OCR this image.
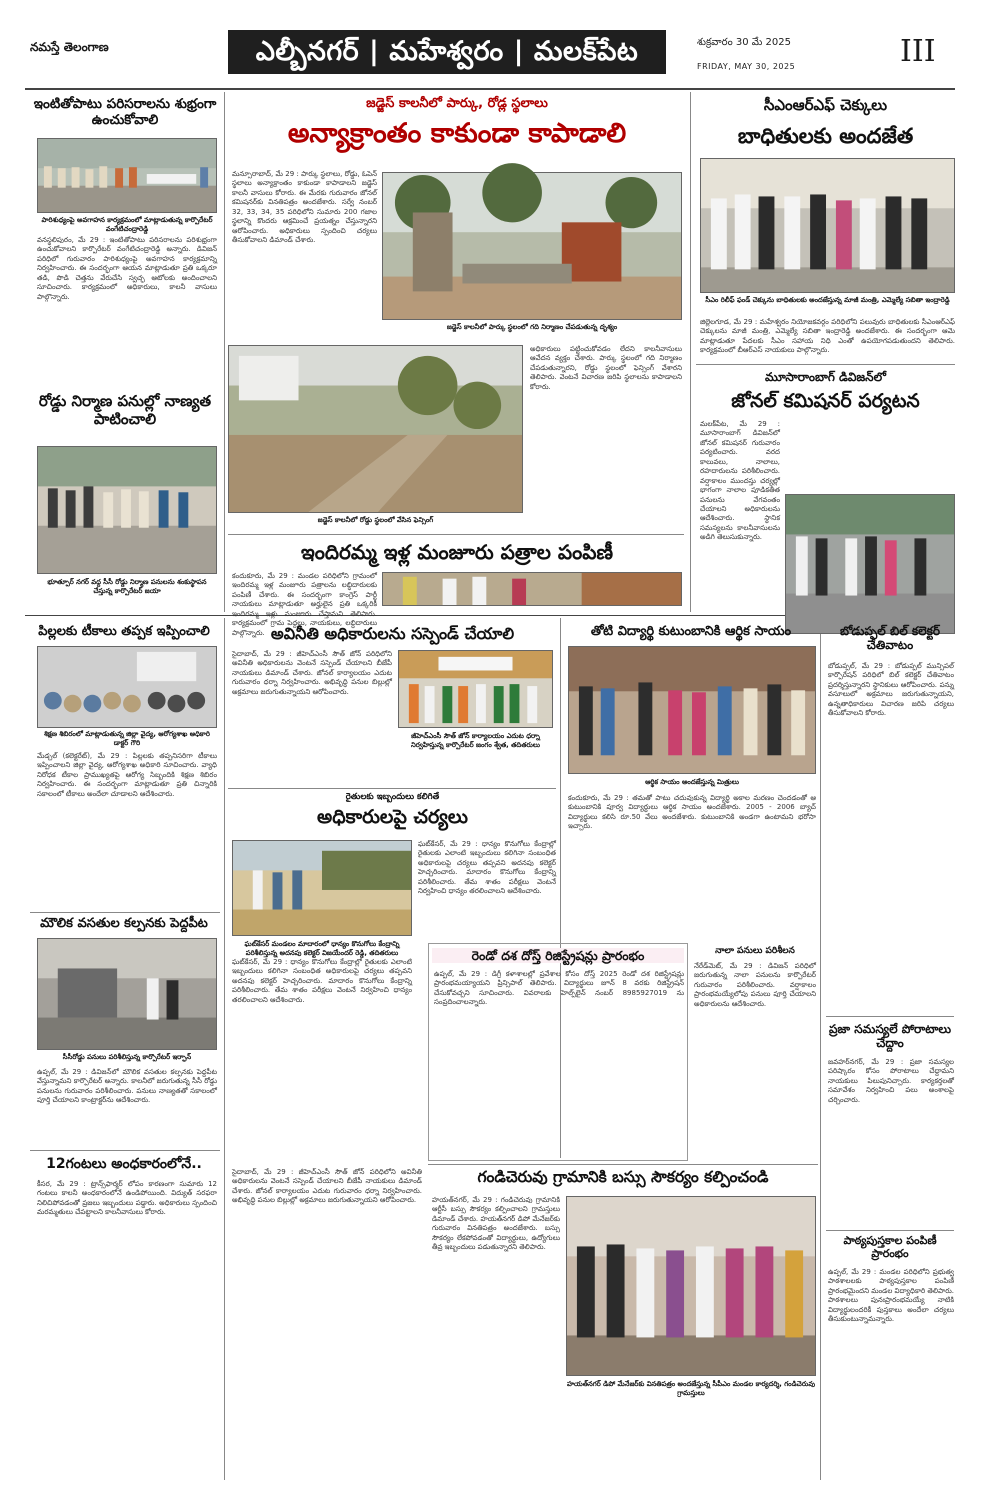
నమస్తే తెలంగాణ	ఎల్బీనగర్ | మహేశ్వరం | మలక్‌పేట	శుక్రవారం 30 మే 2025
FRIDAY, MAY 30, 2025	III
ఇంటితోపాటు పరిసరాలను శుభ్రంగా ఉంచుకోవాలి
పారిశుధ్యంపై అవగాహన కార్యక్రమంలో మాట్లాడుతున్న కార్పొరేటర్ వంగేటిచంద్రారెడ్డి
వనస్థలిపురం, మే 29 : ఇంటితోపాటు పరిసరాలను పరిశుభ్రంగా ఉంచుకోవాలని కార్పొరేటర్ వంగేటిచంద్రారెడ్డి అన్నారు. డివిజన్ పరిధిలో గురువారం పారిశుధ్యంపై అవగాహన కార్యక్రమాన్ని నిర్వహించారు. ఈ సందర్భంగా ఆయన మాట్లాడుతూ ప్రతి ఒక్కరూ తడి, పొడి చెత్తను వేరుచేసి స్వచ్ఛ ఆటోలకు అందించాలని సూచించారు. కార్యక్రమంలో అధికారులు, కాలనీ వాసులు పాల్గొన్నారు.
రోడ్డు నిర్మాణ పనుల్లో నాణ్యత పాటించాలి
భూత్పూర్ నగర్ వద్ద సీసీ రోడ్డు నిర్మాణ పనులను శంకుస్థాపన చేస్తున్న కార్పొరేటర్ జయా
జడ్జెస్ కాలనీలో పార్కు, రోడ్ల స్థలాలు
అన్యాక్రాంతం కాకుండా కాపాడాలి
మన్సూరాబాద్, మే 29 : పార్కు స్థలాలు, రోడ్డు, ఓపెన్ స్థలాలు అన్యాక్రాంతం కాకుండా కాపాడాలని జడ్జెస్ కాలనీ వాసులు కోరారు. ఈ మేరకు గురువారం జోనల్ కమిషనర్‌కు వినతిపత్రం అందజేశారు. సర్వే నంబర్ 32, 33, 34, 35 పరిధిలోని సుమారు 200 గజాల స్థలాన్ని కొందరు ఆక్రమించే ప్రయత్నం చేస్తున్నారని ఆరోపించారు. అధికారులు స్పందించి చర్యలు తీసుకోవాలని డిమాండ్ చేశారు.
జడ్జెస్ కాలనీలో పార్కు స్థలంలో గది నిర్మాణం చేపడుతున్న దృశ్యం
జడ్జెస్ కాలనీలో రోడ్డు స్థలంలో వేసిన ఫెన్సింగ్
అధికారులు పట్టించుకోవడం లేదని కాలనీవాసులు ఆవేదన వ్యక్తం చేశారు. పార్కు స్థలంలో గది నిర్మాణం చేపడుతున్నారని, రోడ్డు స్థలంలో ఫెన్సింగ్ వేశారని తెలిపారు. వెంటనే విచారణ జరిపి స్థలాలను కాపాడాలని కోరారు.
ఇందిరమ్మ ఇళ్ల మంజూరు పత్రాల పంపిణీ
కందుకూరు, మే 29 : మండల పరిధిలోని గ్రామంలో ఇందిరమ్మ ఇళ్ల మంజూరు పత్రాలను లబ్ధిదారులకు పంపిణీ చేశారు. ఈ సందర్భంగా కాంగ్రెస్ పార్టీ నాయకులు మాట్లాడుతూ అర్హులైన ప్రతి ఒక్కరికీ ఇందిరమ్మ ఇళ్లు మంజూరు చేస్తామని తెలిపారు. కార్యక్రమంలో గ్రామ పెద్దలు, నాయకులు, లబ్ధిదారులు పాల్గొన్నారు.
సీఎంఆర్ఎఫ్ చెక్కులు
బాధితులకు అందజేత
సీఎం రిలీఫ్ ఫండ్ చెక్కును బాధితులకు అందజేస్తున్న మాజీ మంత్రి, ఎమ్మెల్యే సబితా ఇంద్రారెడ్డి
జిల్లెలగూడ, మే 29 : మహేశ్వరం నియోజకవర్గం పరిధిలోని పలువురు బాధితులకు సీఎంఆర్ఎఫ్ చెక్కులను మాజీ మంత్రి, ఎమ్మెల్యే సబితా ఇంద్రారెడ్డి అందజేశారు. ఈ సందర్భంగా ఆమె మాట్లాడుతూ పేదలకు సీఎం సహాయ నిధి ఎంతో ఉపయోగపడుతుందని తెలిపారు. కార్యక్రమంలో బీఆర్ఎస్ నాయకులు పాల్గొన్నారు.
మూసారాంబాగ్ డివిజన్‌లో
జోనల్ కమిషనర్ పర్యటన
మలక్‌పేట, మే 29 : మూసారాంబాగ్ డివిజన్‌లో జోనల్ కమిషనర్ గురువారం పర్యటించారు. వరద కాలువలు, నాలాలు, రహదారులను పరిశీలించారు. వర్షాకాలం ముందస్తు చర్యల్లో భాగంగా నాలాల పూడికతీత పనులను వేగవంతం చేయాలని అధికారులను ఆదేశించారు. స్థానిక సమస్యలను కాలనీవాసులను అడిగి తెలుసుకున్నారు.
పిల్లలకు టీకాలు తప్పక ఇప్పించాలి
శిక్షణ శిబిరంలో మాట్లాడుతున్న జిల్లా వైద్య, ఆరోగ్యశాఖ అధికారి డాక్టర్ గౌరి
మేడ్చల్ (కలెక్టరేట్), మే 29 : పిల్లలకు తప్పనిసరిగా టీకాలు ఇప్పించాలని జిల్లా వైద్య, ఆరోగ్యశాఖ అధికారి సూచించారు. వ్యాధి నిరోధక టీకాల ప్రాముఖ్యతపై ఆరోగ్య సిబ్బందికి శిక్షణ శిబిరం నిర్వహించారు. ఈ సందర్భంగా మాట్లాడుతూ ప్రతి చిన్నారికి సకాలంలో టీకాలు అందేలా చూడాలని ఆదేశించారు.
మౌలిక వసతుల కల్పనకు పెద్దపీట
సీసీరోడ్డు పనులు పరిశీలిస్తున్న కార్పొరేటర్ ఇర్ఫాన్
ఉప్పల్, మే 29 : డివిజన్‌లో మౌలిక వసతుల కల్పనకు పెద్దపీట వేస్తున్నామని కార్పొరేటర్ అన్నారు. కాలనీలో జరుగుతున్న సీసీ రోడ్డు పనులను గురువారం పరిశీలించారు. పనులు నాణ్యతతో సకాలంలో పూర్తి చేయాలని కాంట్రాక్టర్‌ను ఆదేశించారు.
12గంటలు అంధకారంలోనే..
కీసర, మే 29 : ట్రాన్స్‌ఫార్మర్ లోపం కారణంగా సుమారు 12 గంటలు కాలనీ అంధకారంలోనే ఉండిపోయింది. విద్యుత్ సరఫరా నిలిచిపోవడంతో ప్రజలు ఇబ్బందులు పడ్డారు. అధికారులు స్పందించి మరమ్మతులు చేపట్టాలని కాలనీవాసులు కోరారు.
అవినీతి అధికారులను సస్పెండ్ చేయాలి
సైదాబాద్, మే 29 : జీహెచ్ఎంసీ సౌత్ జోన్ పరిధిలోని అవినీతి అధికారులను వెంటనే సస్పెండ్ చేయాలని బీజేపీ నాయకులు డిమాండ్ చేశారు. జోనల్ కార్యాలయం ఎదుట గురువారం ధర్నా నిర్వహించారు. అభివృద్ధి పనుల బిల్లుల్లో అక్రమాలు జరుగుతున్నాయని ఆరోపించారు.
జీహెచ్ఎంసీ సౌత్ జోన్ కార్యాలయం ఎదుట ధర్నా నిర్వహిస్తున్న కార్పొరేటర్ జంగం శ్వేత, తదితరులు
రైతులకు ఇబ్బందులు కలిగితే
అధికారులపై చర్యలు
ఘట్‌కేసర్ మండలం మాదారంలో ధాన్యం కొనుగోలు కేంద్రాన్ని పరిశీలిస్తున్న అదనపు కలెక్టర్ విజయేందర్ రెడ్డి, తదితరులు
ఘట్‌కేసర్, మే 29 : ధాన్యం కొనుగోలు కేంద్రాల్లో రైతులకు ఎలాంటి ఇబ్బందులు కలిగినా సంబంధిత అధికారులపై చర్యలు తప్పవని అదనపు కలెక్టర్ హెచ్చరించారు. మాదారం కొనుగోలు కేంద్రాన్ని పరిశీలించారు. తేమ శాతం పరీక్షలు వెంటనే నిర్వహించి ధాన్యం తరలించాలని ఆదేశించారు.
తోటి విద్యార్థి కుటుంబానికి ఆర్థిక సాయం
ఆర్థిక సాయం అందజేస్తున్న మిత్రులు
కందుకూరు, మే 29 : తమతో పాటు చదువుకున్న విద్యార్థి అకాల మరణం చెందడంతో ఆ కుటుంబానికి పూర్వ విద్యార్థులు ఆర్థిక సాయం అందజేశారు. 2005 - 2006 బ్యాచ్ విద్యార్థులు కలిసి రూ.50 వేలు అందజేశారు. కుటుంబానికి అండగా ఉంటామని భరోసా ఇచ్చారు.
రెండో దశ దోస్త్ రిజిస్ట్రేషన్లు ప్రారంభం
ఉప్పల్, మే 29 : డిగ్రీ కళాశాలల్లో ప్రవేశాల కోసం దోస్త్ 2025 రెండో దశ రిజిస్ట్రేషన్లు ప్రారంభమయ్యాయని ప్రిన్సిపాల్ తెలిపారు. విద్యార్థులు జూన్ 8 వరకు రిజిస్ట్రేషన్ చేసుకోవచ్చని సూచించారు. వివరాలకు హెల్ప్‌లైన్ నంబర్ 8985927019 ను సంప్రదించాలన్నారు.
నాలా పనులు పరిశీలన
నేరేడ్‌మెట్, మే 29 : డివిజన్ పరిధిలో జరుగుతున్న నాలా పనులను కార్పొరేటర్ గురువారం పరిశీలించారు. వర్షాకాలం ప్రారంభమయ్యేలోపు పనులు పూర్తి చేయాలని అధికారులను ఆదేశించారు.
గండిచెరువు గ్రామానికి బస్సు సౌకర్యం కల్పించండి
హయత్‌నగర్, మే 29 : గండిచెరువు గ్రామానికి ఆర్టీసీ బస్సు సౌకర్యం కల్పించాలని గ్రామస్తులు డిమాండ్ చేశారు. హయత్‌నగర్ డిపో మేనేజర్‌కు గురువారం వినతిపత్రం అందజేశారు. బస్సు సౌకర్యం లేకపోవడంతో విద్యార్థులు, ఉద్యోగులు తీవ్ర ఇబ్బందులు పడుతున్నారని తెలిపారు.
హయత్‌నగర్ డిపో మేనేజర్‌కు వినతిపత్రం అందజేస్తున్న సీపీఎం మండల కార్యదర్శి, గండిచెరువు గ్రామస్తులు
బోడుప్పల్ బిల్ కలెక్టర్ చేతివాటం
బోడుప్పల్, మే 29 : బోడుప్పల్ మున్సిపల్ కార్పొరేషన్ పరిధిలో బిల్ కలెక్టర్ చేతివాటం ప్రదర్శిస్తున్నారని స్థానికులు ఆరోపించారు. పన్ను వసూలులో అక్రమాలు జరుగుతున్నాయని, ఉన్నతాధికారులు విచారణ జరిపి చర్యలు తీసుకోవాలని కోరారు.
ప్రజా సమస్యలే పోరాటాలు చేద్దాం
జవహర్‌నగర్, మే 29 : ప్రజా సమస్యల పరిష్కారం కోసం పోరాటాలు చేద్దామని నాయకులు పిలుపునిచ్చారు. కార్యకర్తలతో సమావేశం నిర్వహించి పలు అంశాలపై చర్చించారు.
పాఠ్యపుస్తకాల పంపిణీ ప్రారంభం
ఉప్పల్, మే 29 : మండల పరిధిలోని ప్రభుత్వ పాఠశాలలకు పాఠ్యపుస్తకాల పంపిణీ ప్రారంభమైందని మండల విద్యాధికారి తెలిపారు. పాఠశాలలు పునఃప్రారంభమయ్యే నాటికి విద్యార్థులందరికీ పుస్తకాలు అందేలా చర్యలు తీసుకుంటున్నామన్నారు.
ఘట్‌కేసర్, మే 29 : ధాన్యం కొనుగోలు కేంద్రాల్లో రైతులకు ఎలాంటి ఇబ్బందులు కలిగినా సంబంధిత అధికారులపై చర్యలు తప్పవని అదనపు కలెక్టర్ హెచ్చరించారు. మాదారం కొనుగోలు కేంద్రాన్ని పరిశీలించారు. తేమ శాతం పరీక్షలు వెంటనే నిర్వహించి ధాన్యం తరలించాలని ఆదేశించారు.
సైదాబాద్, మే 29 : జీహెచ్ఎంసీ సౌత్ జోన్ పరిధిలోని అవినీతి అధికారులను వెంటనే సస్పెండ్ చేయాలని బీజేపీ నాయకులు డిమాండ్ చేశారు. జోనల్ కార్యాలయం ఎదుట గురువారం ధర్నా నిర్వహించారు. అభివృద్ధి పనుల బిల్లుల్లో అక్రమాలు జరుగుతున్నాయని ఆరోపించారు.
